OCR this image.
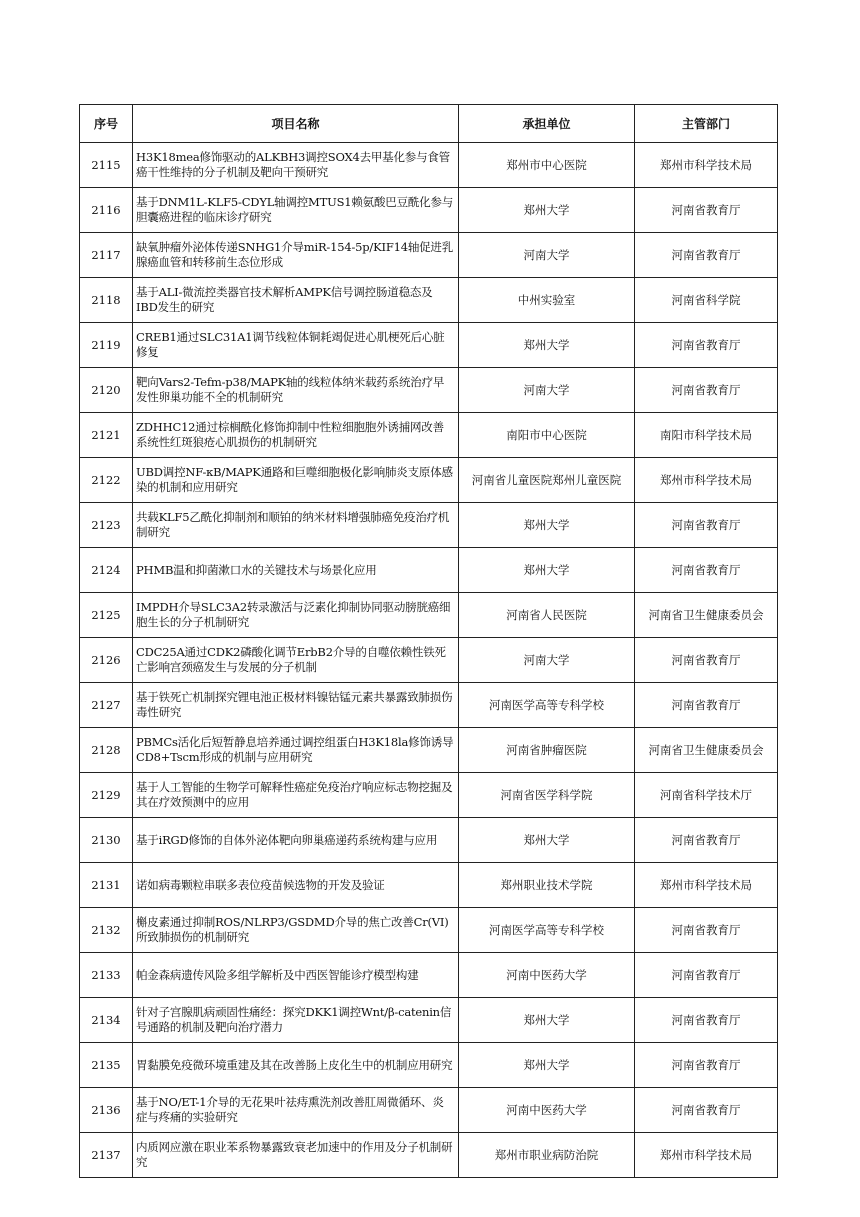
序号	项目名称	承担单位	主管部门
2115	H3K18mea修饰驱动的ALKBH3调控SOX4去甲基化参与食管癌干性维持的分子机制及靶向干预研究	郑州市中心医院	郑州市科学技术局
2116	基于DNM1L-KLF5-CDYL轴调控MTUS1赖氨酸巴豆酰化参与胆囊癌进程的临床诊疗研究	郑州大学	河南省教育厅
2117	缺氧肿瘤外泌体传递SNHG1介导miR-154-5p/KIF14轴促进乳腺癌血管和转移前生态位形成	河南大学	河南省教育厅
2118	基于ALI-微流控类器官技术解析AMPK信号调控肠道稳态及IBD发生的研究	中州实验室	河南省科学院
2119	CREB1通过SLC31A1调节线粒体铜耗竭促进心肌梗死后心脏修复	郑州大学	河南省教育厅
2120	靶向Vars2-Tefm-p38/MAPK轴的线粒体纳米载药系统治疗早发性卵巢功能不全的机制研究	河南大学	河南省教育厅
2121	ZDHHC12通过棕榈酰化修饰抑制中性粒细胞胞外诱捕网改善系统性红斑狼疮心肌损伤的机制研究	南阳市中心医院	南阳市科学技术局
2122	UBD调控NF-κB/MAPK通路和巨噬细胞极化影响肺炎支原体感染的机制和应用研究	河南省儿童医院郑州儿童医院	郑州市科学技术局
2123	共载KLF5乙酰化抑制剂和顺铂的纳米材料增强肺癌免疫治疗机制研究	郑州大学	河南省教育厅
2124	PHMB温和抑菌漱口水的关键技术与场景化应用	郑州大学	河南省教育厅
2125	IMPDH介导SLC3A2转录激活与泛素化抑制协同驱动膀胱癌细胞生长的分子机制研究	河南省人民医院	河南省卫生健康委员会
2126	CDC25A通过CDK2磷酸化调节ErbB2介导的自噬依赖性铁死亡影响宫颈癌发生与发展的分子机制	河南大学	河南省教育厅
2127	基于铁死亡机制探究锂电池正极材料镍钴锰元素共暴露致肺损伤毒性研究	河南医学高等专科学校	河南省教育厅
2128	PBMCs活化后短暂静息培养通过调控组蛋白H3K18la修饰诱导CD8+Tscm形成的机制与应用研究	河南省肿瘤医院	河南省卫生健康委员会
2129	基于人工智能的生物学可解释性癌症免疫治疗响应标志物挖掘及其在疗效预测中的应用	河南省医学科学院	河南省科学技术厅
2130	基于iRGD修饰的自体外泌体靶向卵巢癌递药系统构建与应用	郑州大学	河南省教育厅
2131	诺如病毒颗粒串联多表位疫苗候选物的开发及验证	郑州职业技术学院	郑州市科学技术局
2132	槲皮素通过抑制ROS/NLRP3/GSDMD介导的焦亡改善Cr(VI)所致肺损伤的机制研究	河南医学高等专科学校	河南省教育厅
2133	帕金森病遗传风险多组学解析及中西医智能诊疗模型构建	河南中医药大学	河南省教育厅
2134	针对子宫腺肌病顽固性痛经：探究DKK1调控Wnt/β-catenin信号通路的机制及靶向治疗潜力	郑州大学	河南省教育厅
2135	胃黏膜免疫微环境重建及其在改善肠上皮化生中的机制应用研究	郑州大学	河南省教育厅
2136	基于NO/ET-1介导的无花果叶祛痔熏洗剂改善肛周微循环、炎症与疼痛的实验研究	河南中医药大学	河南省教育厅
2137	内质网应激在职业苯系物暴露致衰老加速中的作用及分子机制研究	郑州市职业病防治院	郑州市科学技术局
